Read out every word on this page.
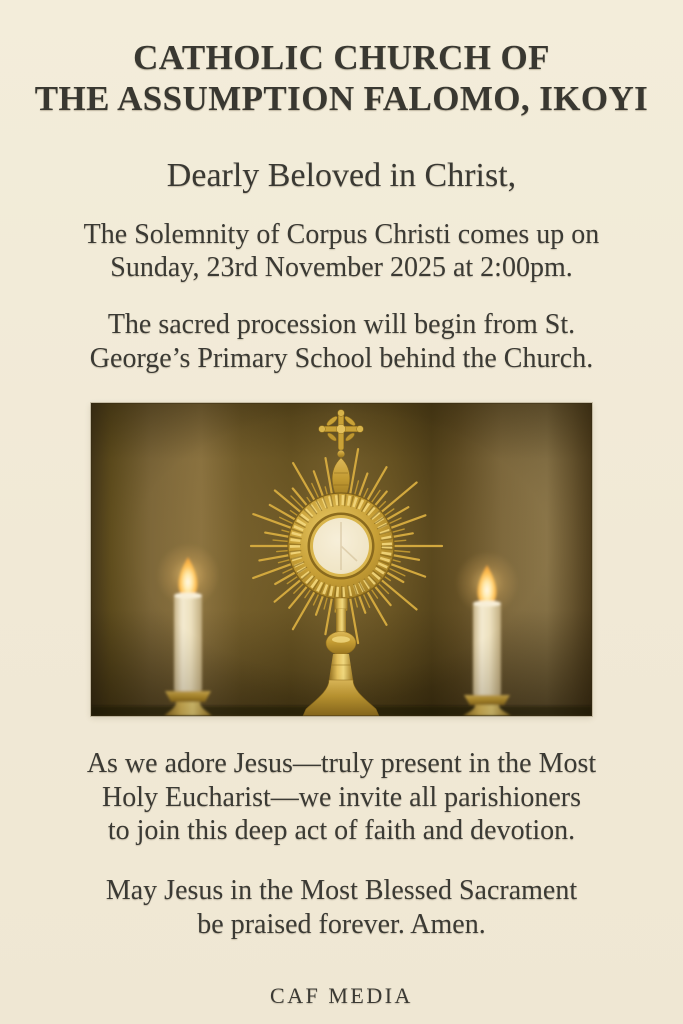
CATHOLIC CHURCH OF
THE ASSUMPTION FALOMO, IKOYI

Dearly Beloved in Christ,

The Solemnity of Corpus Christi comes up on
Sunday, 23rd November 2025 at 2:00pm.

The sacred procession will begin from St.
George’s Primary School behind the Church.

As we adore Jesus—truly present in the Most
Holy Eucharist—we invite all parishioners
to join this deep act of faith and devotion.

May Jesus in the Most Blessed Sacrament
be praised forever. Amen.

CAF MEDIA
